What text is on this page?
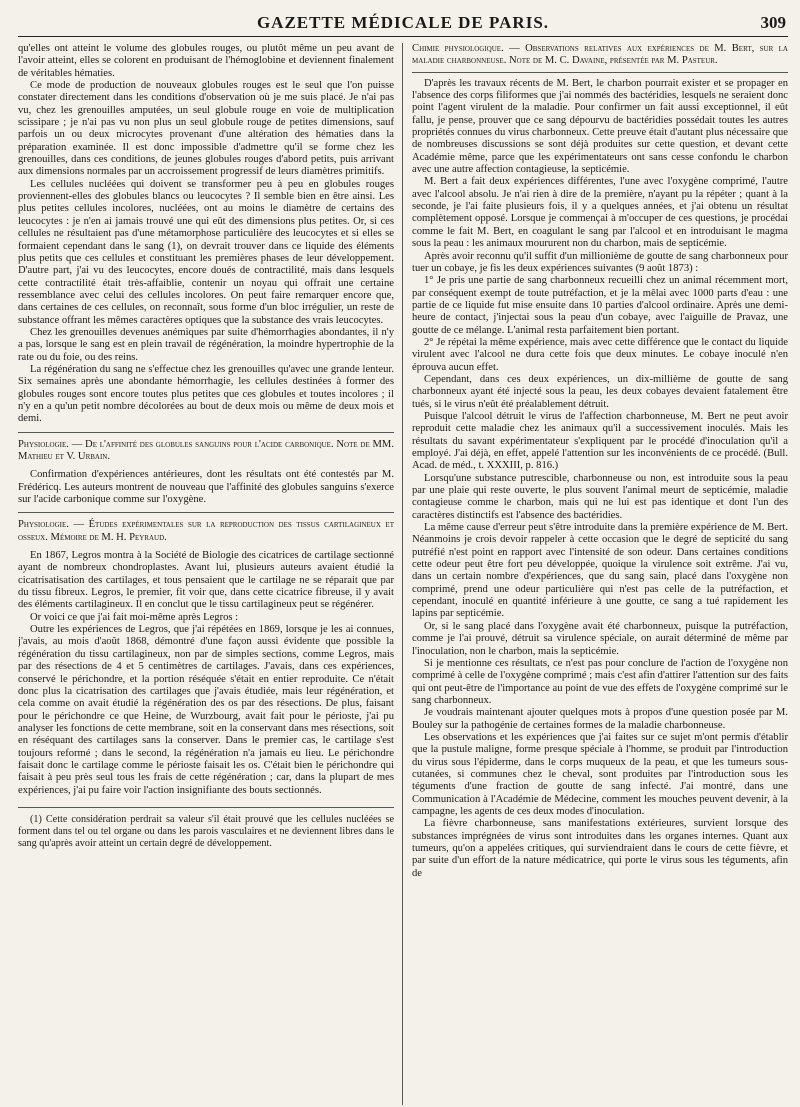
GAZETTE MÉDICALE DE PARIS.	309

qu'elles ont atteint le volume des globules rouges, ou plutôt même un peu avant de l'avoir atteint, elles se colorent en produisant de l'hémoglobine et deviennent finalement de véritables hématies.

Ce mode de production de nouveaux globules rouges est le seul que l'on puisse constater directement dans les conditions d'observation où je me suis placé. Je n'ai pas vu, chez les grenouilles amputées, un seul globule rouge en voie de multiplication scissipare ; je n'ai pas vu non plus un seul globule rouge de petites dimensions, sauf parfois un ou deux microcytes provenant d'une altération des hématies dans la préparation examinée. Il est donc impossible d'admettre qu'il se forme chez les grenouilles, dans ces conditions, de jeunes globules rouges d'abord petits, puis arrivant aux dimensions normales par un accroissement progressif de leurs diamètres primitifs.

Les cellules nucléées qui doivent se transformer peu à peu en globules rouges proviennent-elles des globules blancs ou leucocytes ? Il semble bien en être ainsi. Les plus petites cellules incolores, nucléées, ont au moins le diamètre de certains des leucocytes : je n'en ai jamais trouvé une qui eût des dimensions plus petites. Or, si ces cellules ne résultaient pas d'une métamorphose particulière des leucocytes et si elles se formaient cependant dans le sang (1), on devrait trouver dans ce liquide des éléments plus petits que ces cellules et constituant les premières phases de leur développement. D'autre part, j'ai vu des leucocytes, encore doués de contractilité, mais dans lesquels cette contractilité était très-affaiblie, contenir un noyau qui offrait une certaine ressemblance avec celui des cellules incolores. On peut faire remarquer encore que, dans certaines de ces cellules, on reconnaît, sous forme d'un bloc irrégulier, un reste de substance offrant les mêmes caractères optiques que la substance des vrais leucocytes.

Chez les grenouilles devenues anémiques par suite d'hémorrhagies abondantes, il n'y a pas, lorsque le sang est en plein travail de régénération, la moindre hypertrophie de la rate ou du foie, ou des reins.

La régénération du sang ne s'effectue chez les grenouilles qu'avec une grande lenteur. Six semaines après une abondante hémorrhagie, les cellules destinées à former des globules rouges sont encore toutes plus petites que ces globules et toutes incolores ; il n'y en a qu'un petit nombre décolorées au bout de deux mois ou même de deux mois et demi.

Physiologie. — De l'affinité des globules sanguins pour l'acide carbonique. Note de MM. Mathieu et V. Urbain.

Confirmation d'expériences antérieures, dont les résultats ont été contestés par M. Frédéricq. Les auteurs montrent de nouveau que l'affinité des globules sanguins s'exerce sur l'acide carbonique comme sur l'oxygène.

Physiologie. — Études expérimentales sur la reproduction des tissus cartilagineux et osseux. Mémoire de M. H. Peyraud.

En 1867, Legros montra à la Société de Biologie des cicatrices de cartilage sectionné ayant de nombreux chondroplastes. Avant lui, plusieurs auteurs avaient étudié la cicatrisatisation des cartilages, et tous pensaient que le cartilage ne se réparait que par du tissu fibreux. Legros, le premier, fit voir que, dans cette cicatrice fibreuse, il y avait des éléments cartilagineux. Il en conclut que le tissu cartilagineux peut se régénérer.

Or voici ce que j'ai fait moi-même après Legros :

Outre les expériences de Legros, que j'ai répétées en 1869, lorsque je les ai connues, j'avais, au mois d'août 1868, démontré d'une façon aussi évidente que possible la régénération du tissu cartilagineux, non par de simples sections, comme Legros, mais par des résections de 4 et 5 centimètres de cartilages. J'avais, dans ces expériences, conservé le périchondre, et la portion réséquée s'était en entier reproduite. Ce n'était donc plus la cicatrisation des cartilages que j'avais étudiée, mais leur régénération, et cela comme on avait étudié la régénération des os par des résections. De plus, faisant pour le périchondre ce que Heine, de Wurzbourg, avait fait pour le périoste, j'ai pu analyser les fonctions de cette membrane, soit en la conservant dans mes résections, soit en réséquant des cartilages sans la conserver. Dans le premier cas, le cartilage s'est toujours reformé ; dans le second, la régénération n'a jamais eu lieu. Le périchondre faisait donc le cartilage comme le périoste faisait les os. C'était bien le périchondre qui faisait à peu près seul tous les frais de cette régénération ; car, dans la plupart de mes expériences, j'ai pu faire voir l'action insignifiante des bouts sectionnés.

(1) Cette considération perdrait sa valeur s'il était prouvé que les cellules nucléées se forment dans tel ou tel organe ou dans les parois vasculaires et ne deviennent libres dans le sang qu'après avoir atteint un certain degré de développement.

Chimie physiologique. — Observations relatives aux expériences de M. Bert, sur la maladie charbonneuse. Note de M. C. Davaine, présentée par M. Pasteur.

D'après les travaux récents de M. Bert, le charbon pourrait exister et se propager en l'absence des corps filiformes que j'ai nommés des bactéridies, lesquels ne seraient donc point l'agent virulent de la maladie. Pour confirmer un fait aussi exceptionnel, il eût fallu, je pense, prouver que ce sang dépourvu de bactéridies possédait toutes les autres propriétés connues du virus charbonneux. Cette preuve était d'autant plus nécessaire que de nombreuses discussions se sont déjà produites sur cette question, et devant cette Académie même, parce que les expérimentateurs ont sans cesse confondu le charbon avec une autre affection contagieuse, la septicémie.

M. Bert a fait deux expériences différentes, l'une avec l'oxygène comprimé, l'autre avec l'alcool absolu. Je n'ai rien à dire de la première, n'ayant pu la répéter ; quant à la seconde, je l'ai faite plusieurs fois, il y a quelques années, et j'ai obtenu un résultat complètement opposé. Lorsque je commençai à m'occuper de ces questions, je procédai comme le fait M. Bert, en coagulant le sang par l'alcool et en introduisant le magma sous la peau : les animaux moururent non du charbon, mais de septicémie.

Après avoir reconnu qu'il suffit d'un millionième de goutte de sang charbonneux pour tuer un cobaye, je fis les deux expériences suivantes (9 août 1873) :

1° Je pris une partie de sang charbonneux recueilli chez un animal récemment mort, par conséquent exempt de toute putréfaction, et je la mêlai avec 1000 parts d'eau : une partie de ce liquide fut mise ensuite dans 10 parties d'alcool ordinaire. Après une demi-heure de contact, j'injectai sous la peau d'un cobaye, avec l'aiguille de Pravaz, une goutte de ce mélange. L'animal resta parfaitement bien portant.

2° Je répétai la même expérience, mais avec cette différence que le contact du liquide virulent avec l'alcool ne dura cette fois que deux minutes. Le cobaye inoculé n'en éprouva aucun effet.

Cependant, dans ces deux expériences, un dix-millième de goutte de sang charbonneux ayant été injecté sous la peau, les deux cobayes devaient fatalement être tués, si le virus n'eût été préalablement détruit.

Puisque l'alcool détruit le virus de l'affection charbonneuse, M. Bert ne peut avoir reproduit cette maladie chez les animaux qu'il a successivement inoculés. Mais les résultats du savant expérimentateur s'expliquent par le procédé d'inoculation qu'il a employé. J'ai déjà, en effet, appelé l'attention sur les inconvénients de ce procédé. (Bull. Acad. de méd., t. XXXIII, p. 816.)

Lorsqu'une substance putrescible, charbonneuse ou non, est introduite sous la peau par une plaie qui reste ouverte, le plus souvent l'animal meurt de septicémie, maladie contagieuse comme le charbon, mais qui ne lui est pas identique et dont l'un des caractères distinctifs est l'absence des bactéridies.

La même cause d'erreur peut s'être introduite dans la première expérience de M. Bert. Néanmoins je crois devoir rappeler à cette occasion que le degré de septicité du sang putréfié n'est point en rapport avec l'intensité de son odeur. Dans certaines conditions cette odeur peut être fort peu développée, quoique la virulence soit extrême. J'ai vu, dans un certain nombre d'expériences, que du sang sain, placé dans l'oxygène non comprimé, prend une odeur particulière qui n'est pas celle de la putréfaction, et cependant, inoculé en quantité inférieure à une goutte, ce sang a tué rapidement les lapins par septicémie.

Or, si le sang placé dans l'oxygène avait été charbonneux, puisque la putréfaction, comme je l'ai prouvé, détruit sa virulence spéciale, on aurait déterminé de même par l'inoculation, non le charbon, mais la septicémie.

Si je mentionne ces résultats, ce n'est pas pour conclure de l'action de l'oxygène non comprimé à celle de l'oxygène comprimé ; mais c'est afin d'attirer l'attention sur des faits qui ont peut-être de l'importance au point de vue des effets de l'oxygène comprimé sur le sang charbonneux.

Je voudrais maintenant ajouter quelques mots à propos d'une question posée par M. Bouley sur la pathogénie de certaines formes de la maladie charbonneuse.

Les observations et les expériences que j'ai faites sur ce sujet m'ont permis d'établir que la pustule maligne, forme presque spéciale à l'homme, se produit par l'introduction du virus sous l'épiderme, dans le corps muqueux de la peau, et que les tumeurs sous-cutanées, si communes chez le cheval, sont produites par l'introduction sous les téguments d'une fraction de goutte de sang infecté. J'ai montré, dans une Communication à l'Académie de Médecine, comment les mouches peuvent devenir, à la campagne, les agents de ces deux modes d'inoculation.

La fièvre charbonneuse, sans manifestations extérieures, survient lorsque des substances imprégnées de virus sont introduites dans les organes internes. Quant aux tumeurs, qu'on a appelées critiques, qui surviendraient dans le cours de cette fièvre, et par suite d'un effort de la nature médicatrice, qui porte le virus sous les téguments, afin de
